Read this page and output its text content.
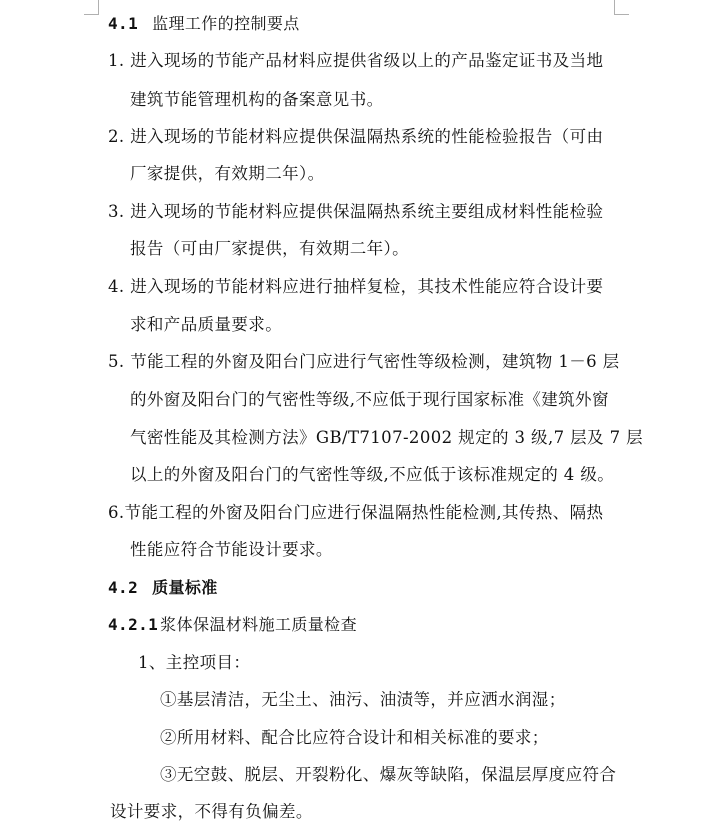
4.1 监理工作的控制要点
1. 进入现场的节能产品材料应提供省级以上的产品鉴定证书及当地
建筑节能管理机构的备案意见书。
2. 进入现场的节能材料应提供保温隔热系统的性能检验报告（可由
厂家提供，有效期二年）。
3. 进入现场的节能材料应提供保温隔热系统主要组成材料性能检验
报告（可由厂家提供，有效期二年）。
4. 进入现场的节能材料应进行抽样复检，其技术性能应符合设计要
求和产品质量要求。
5. 节能工程的外窗及阳台门应进行气密性等级检测，建筑物 1－6 层
的外窗及阳台门的气密性等级,不应低于现行国家标准《建筑外窗
气密性能及其检测方法》GB/T7107-2002 规定的 3 级,7 层及 7 层
以上的外窗及阳台门的气密性等级,不应低于该标准规定的 4 级。
6.节能工程的外窗及阳台门应进行保温隔热性能检测,其传热、隔热
性能应符合节能设计要求。
4.2 质量标准
4.2.1 浆体保温材料施工质量检查
1、主控项目：
①基层清洁，无尘土、油污、油渍等，并应洒水润湿；
②所用材料、配合比应符合设计和相关标准的要求；
③无空鼓、脱层、开裂粉化、爆灰等缺陷，保温层厚度应符合
设计要求，不得有负偏差。
